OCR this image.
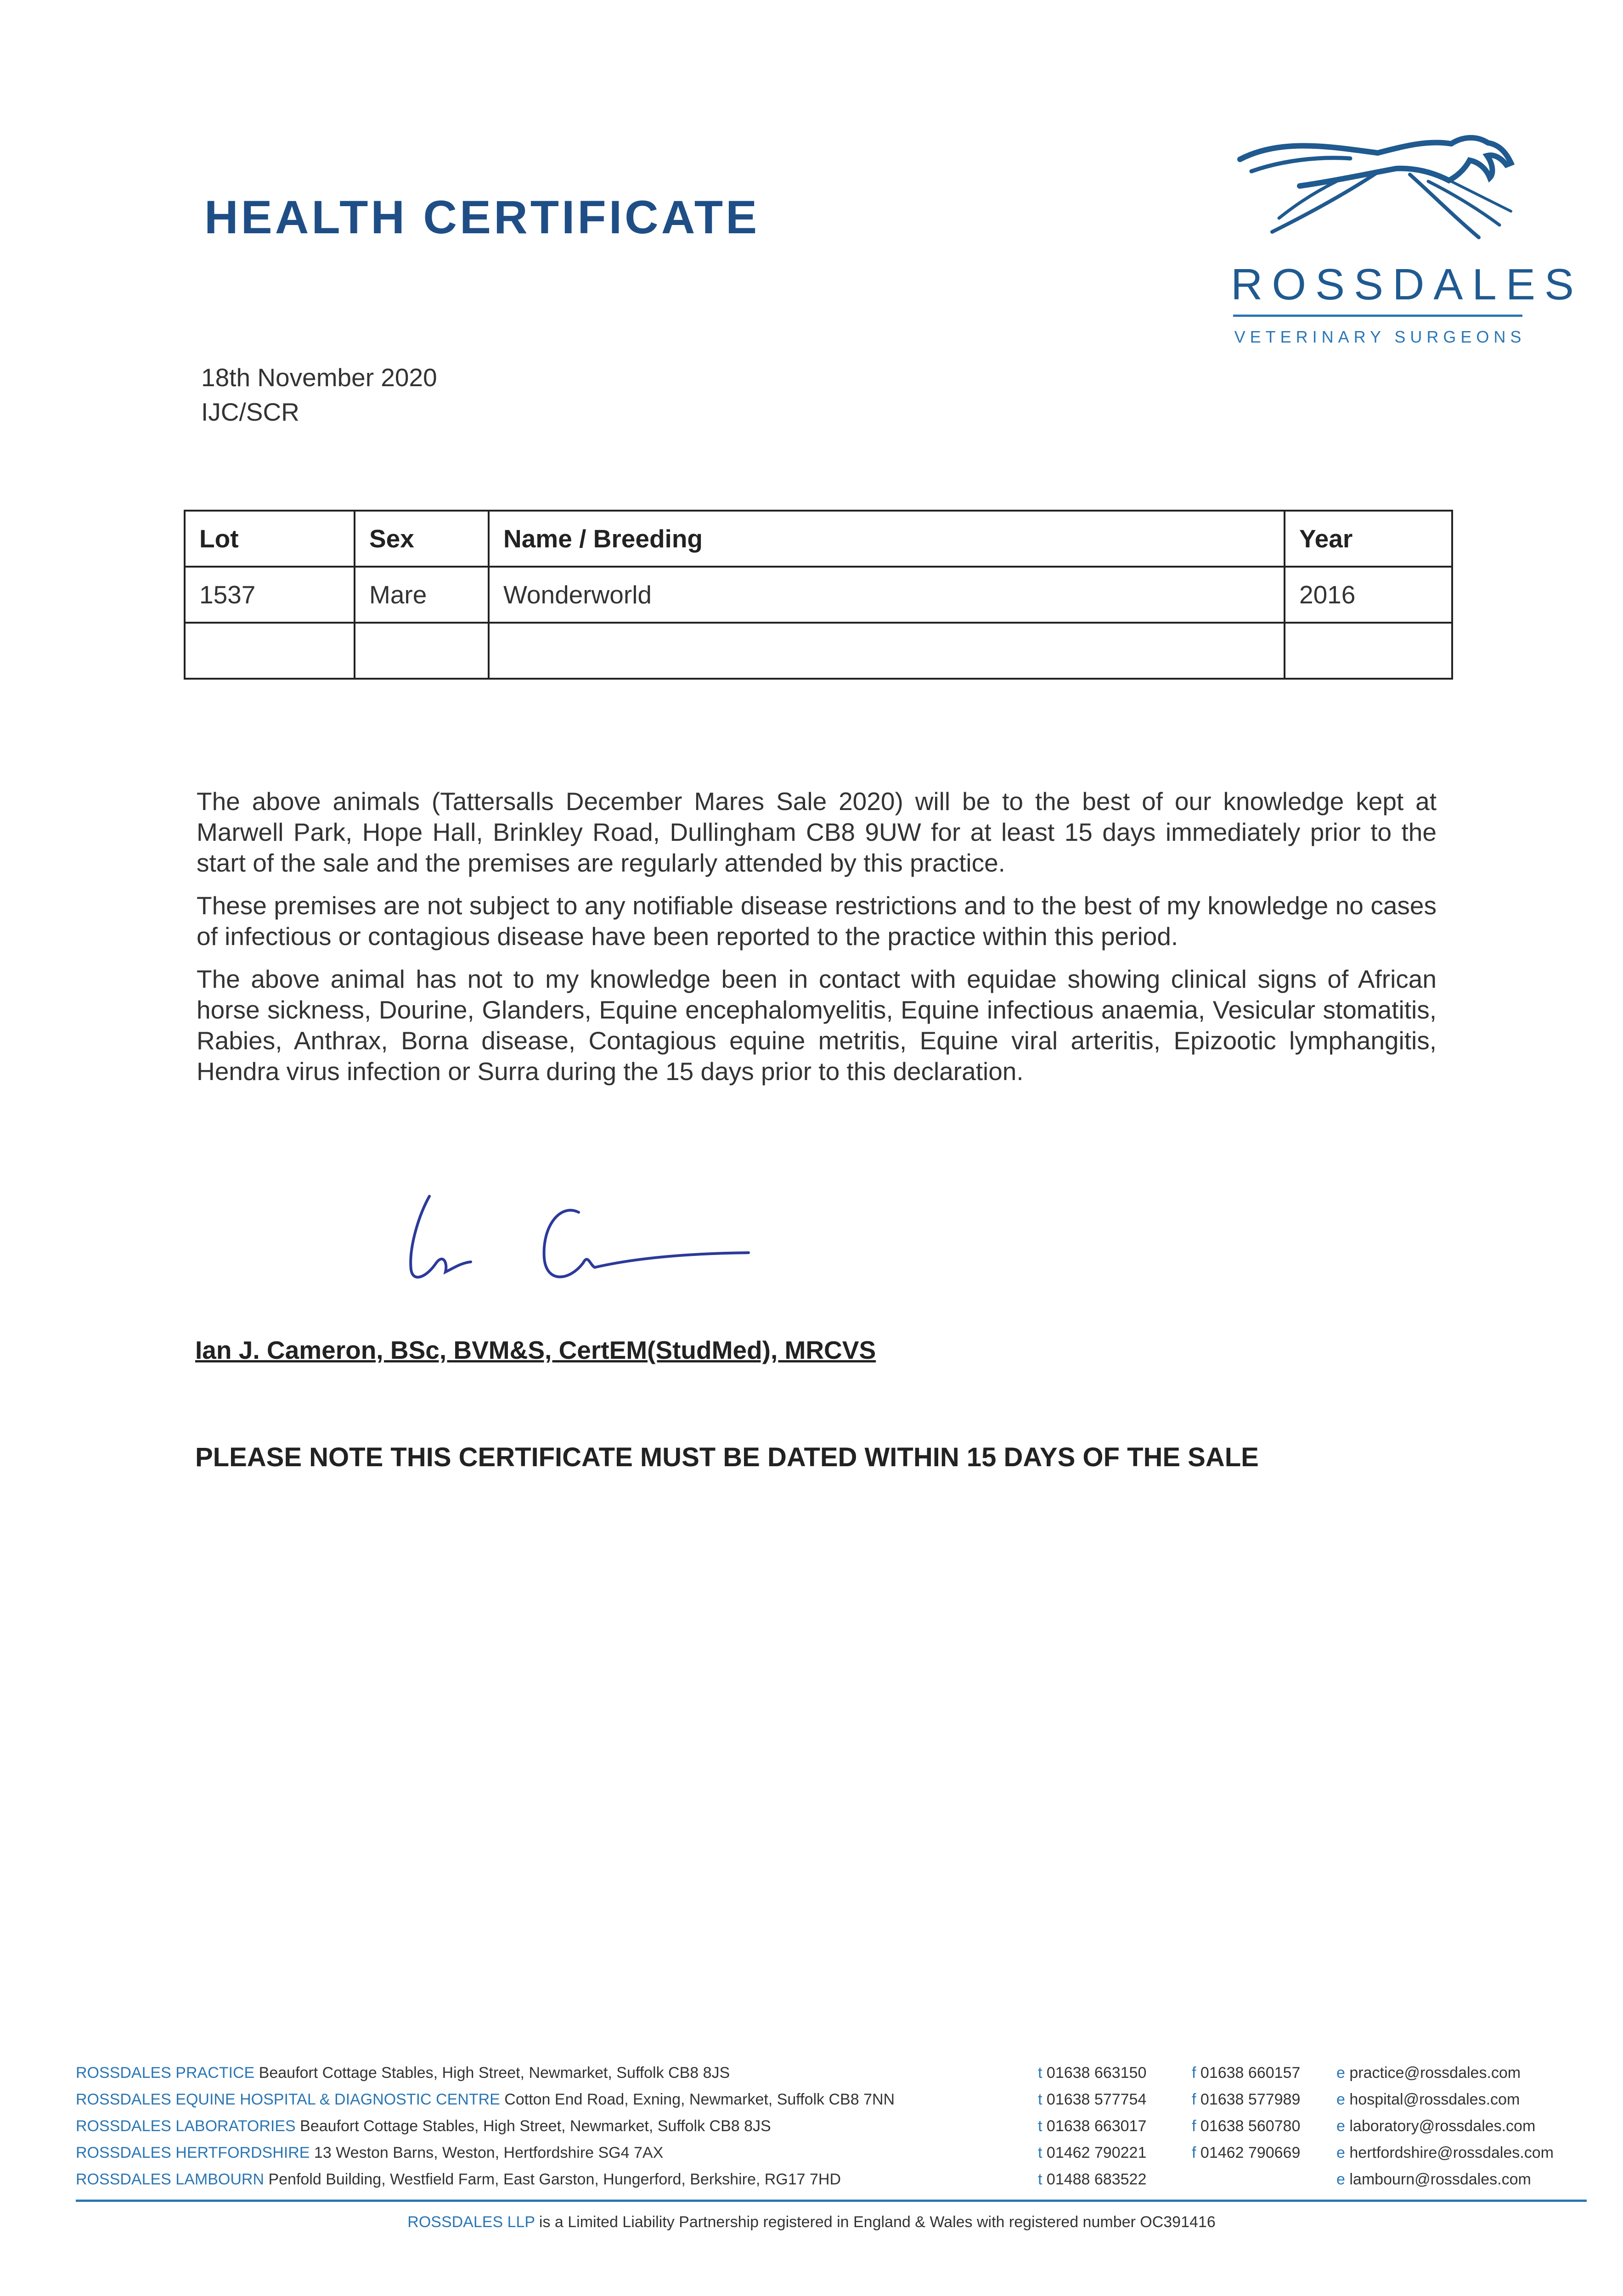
HEALTH CERTIFICATE
ROSSDALES
VETERINARY SURGEONS
18th November 2020
IJC/SCR
Lot	Sex	Name / Breeding	Year
1537	Mare	Wonderworld	2016

The above animals (Tattersalls December Mares Sale 2020) will be to the best of our knowledge kept at Marwell Park, Hope Hall, Brinkley Road, Dullingham CB8 9UW for at least 15 days immediately prior to the start of the sale and the premises are regularly attended by this practice.

These premises are not subject to any notifiable disease restrictions and to the best of my knowledge no cases of infectious or contagious disease have been reported to the practice within this period.

The above animal has not to my knowledge been in contact with equidae showing clinical signs of African horse sickness, Dourine, Glanders, Equine encephalomyelitis, Equine infectious anaemia, Vesicular stomatitis, Rabies, Anthrax, Borna disease, Contagious equine metritis, Equine viral arteritis, Epizootic lymphangitis, Hendra virus infection or Surra during the 15 days prior to this declaration.

Ian J. Cameron, BSc, BVM&S, CertEM(StudMed), MRCVS
PLEASE NOTE THIS CERTIFICATE MUST BE DATED WITHIN 15 DAYS OF THE SALE
ROSSDALES PRACTICE Beaufort Cottage Stables, High Street, Newmarket, Suffolk CB8 8JS	t 01638 663150	f 01638 660157 e practice@rossdales.com
ROSSDALES EQUINE HOSPITAL & DIAGNOSTIC CENTRE Cotton End Road, Exning, Newmarket, Suffolk CB8 7NN	t 01638 577754	f 01638 577989 e hospital@rossdales.com
ROSSDALES LABORATORIES Beaufort Cottage Stables, High Street, Newmarket, Suffolk CB8 8JS	t 01638 663017	f 01638 560780 e laboratory@rossdales.com
ROSSDALES HERTFORDSHIRE 13 Weston Barns, Weston, Hertfordshire SG4 7AX	t 01462 790221	f 01462 790669 e hertfordshire@rossdales.com
ROSSDALES LAMBOURN Penfold Building, Westfield Farm, East Garston, Hungerford, Berkshire, RG17 7HD	t 01488 683522	e lambourn@rossdales.com
ROSSDALES LLP is a Limited Liability Partnership registered in England & Wales with registered number OC391416
